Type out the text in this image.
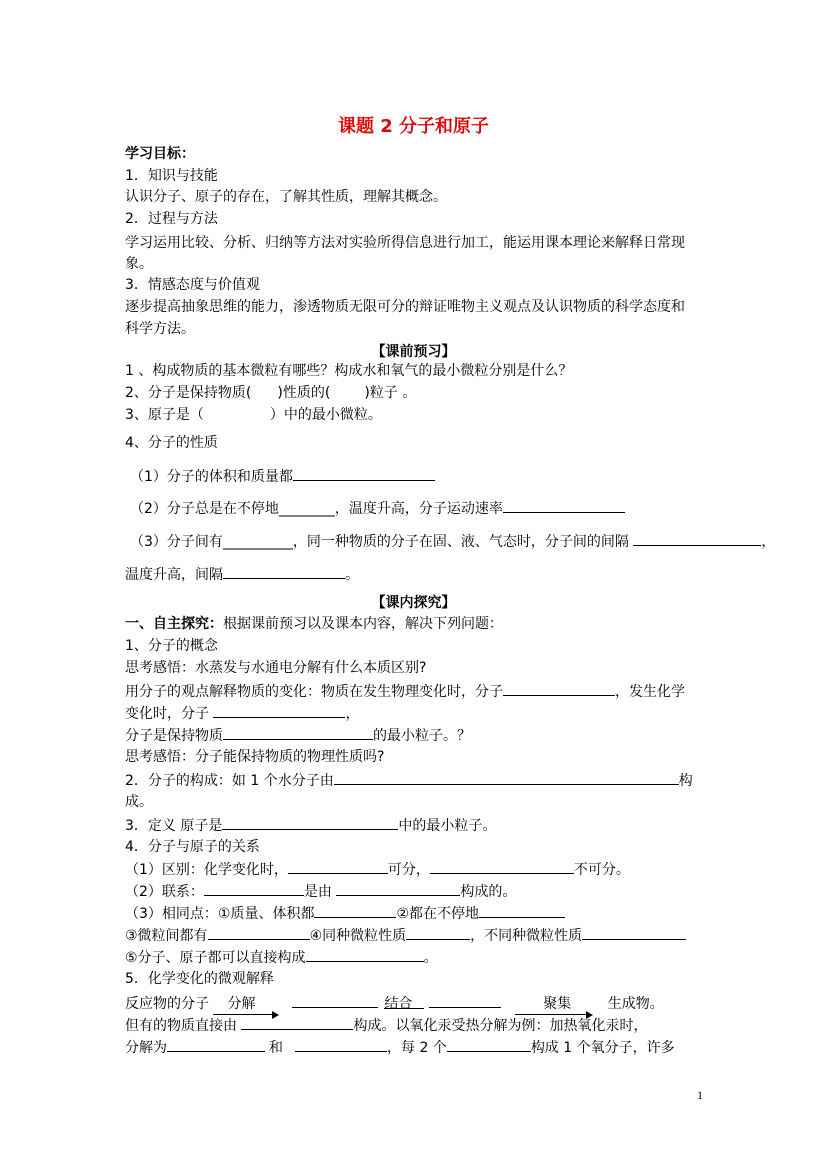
课题 2 分子和原子
学习目标：
1．知识与技能
认识分子、原子的存在，了解其性质，理解其概念。
2．过程与方法
学习运用比较、分析、归纳等方法对实验所得信息进行加工，能运用课本理论来解释日常现
象。
3．情感态度与价值观
逐步提高抽象思维的能力，渗透物质无限可分的辩证唯物主义观点及认识物质的科学态度和
科学方法。
【课前预习】
1 、构成物质的基本微粒有哪些？构成水和氧气的最小微粒分别是什么？
2、分子是保持物质( )性质的( )粒子 。
3、原子是（	）中的最小微粒。
4、分子的性质
（1）分子的体积和质量都
（2）分子总是在不停地________，温度升高，分子运动速率
（3）分子间有__________，同一种物质的分子在固、液、气态时，分子间的间隔	，
温度升高，间隔	。
【课内探究】
一、自主探究：根据课前预习以及课本内容，解决下列问题：
1、分子的概念
思考感悟：水蒸发与水通电分解有什么本质区别?
用分子的观点解释物质的变化：物质在发生物理变化时，分子	，发生化学
变化时，分子	，
分子是保持物质	的最小粒子。？
思考感悟：分子能保持物质的物理性质吗?
2．分子的构成：如 1 个水分子由	构
成。
3．定义 原子是	中的最小粒子。
4．分子与原子的关系
（1）区别：化学变化时，	可分，	不可分。
（2）联系：	是由	构成的。
（3）相同点：①质量、体积都	②都在不停地
③微粒间都有	④同种微粒性质	，不同种微粒性质
⑤分子、原子都可以直接构成	。
5．化学变化的微观解释
反应物的分子 分解	结合	聚集	生成物。
但有的物质直接由	构成。以氧化汞受热分解为例：加热氧化汞时，
分解为	和	，每 2 个	构成 1 个氧分子，许多
1
